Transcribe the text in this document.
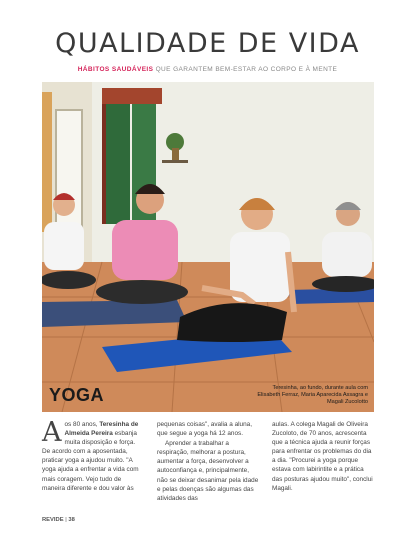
QUALIDADE DE VIDA
HÁBITOS SAUDÁVEIS QUE GARANTEM BEM-ESTAR AO CORPO E À MENTE
YOGA	Teresinha, ao fundo, durante aula com Elisabeth Ferraz, Maria Aparecida Assagra e Magali Zucolotto

Aos 80 anos, Teresinha de Almeida Pereira esbanja muita disposição e força. De acordo com a aposentada, praticar yoga a ajudou muito. "A yoga ajuda a enfrentar a vida com mais coragem. Vejo tudo de maneira diferente e dou valor às

pequenas coisas", avalia a aluna, que segue a yoga há 12 anos.

Aprender a trabalhar a respiração, melhorar a postura, aumentar a força, desenvolver a autoconfiança e, principalmente, não se deixar desanimar pela idade e pelas doenças são algumas das atividades das

aulas. A colega Magali de Oliveira Zucoloto, de 70 anos, acrescenta que a técnica ajuda a reunir forças para enfrentar os problemas do dia a dia. "Procurei a yoga porque estava com labirintite e a prática das posturas ajudou muito", conclui Magali.

REVIDE | 38
